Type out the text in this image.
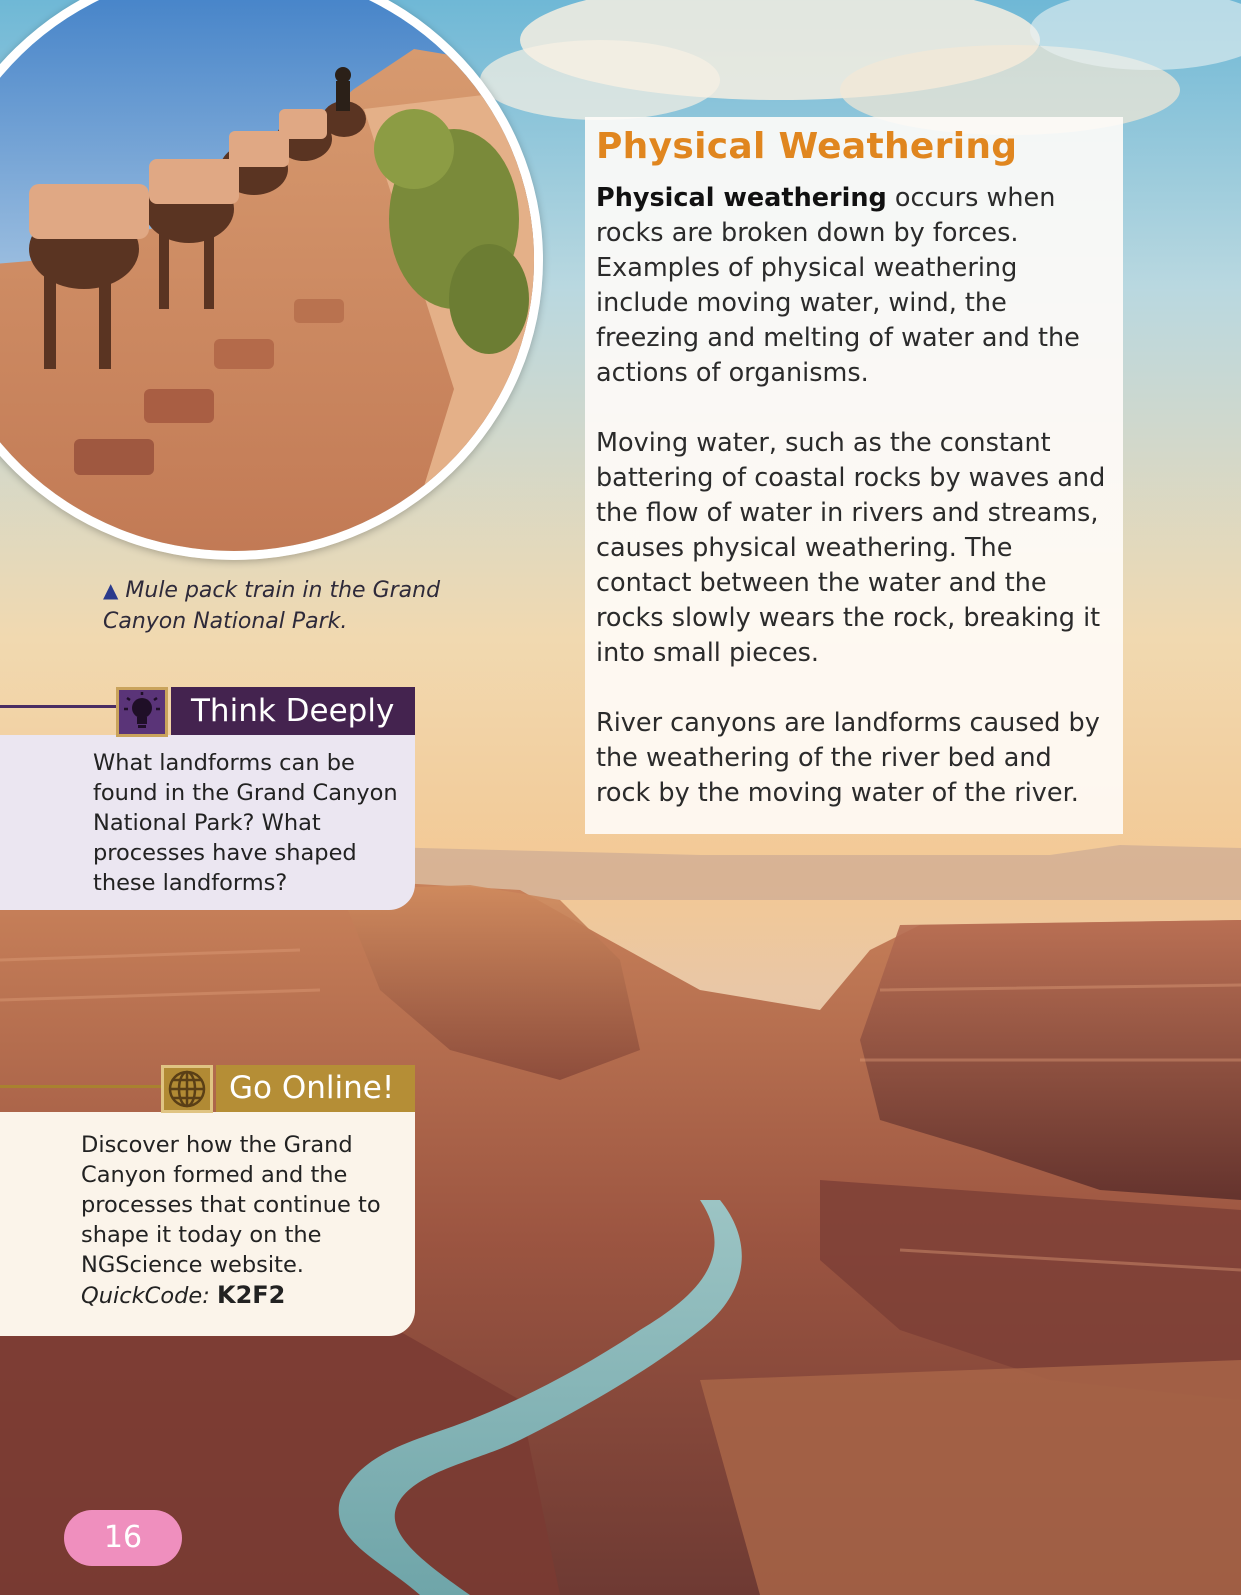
▲ Mule pack train in the Grand Canyon National Park.
Physical Weathering

Physical weathering occurs when rocks are broken down by forces. Examples of physical weathering include moving water, wind, the freezing and melting of water and the actions of organisms.

Moving water, such as the constant battering of coastal rocks by waves and the flow of water in rivers and streams, causes physical weathering. The contact between the water and the rocks slowly wears the rock, breaking it into small pieces.

River canyons are landforms caused by the weathering of the river bed and rock by the moving water of the river.

Think Deeply
What landforms can be found in the Grand Canyon National Park? What processes have shaped these landforms?
Go Online!
Discover how the Grand Canyon formed and the processes that continue to shape it today on the NGScience website.
QuickCode: K2F2
16
